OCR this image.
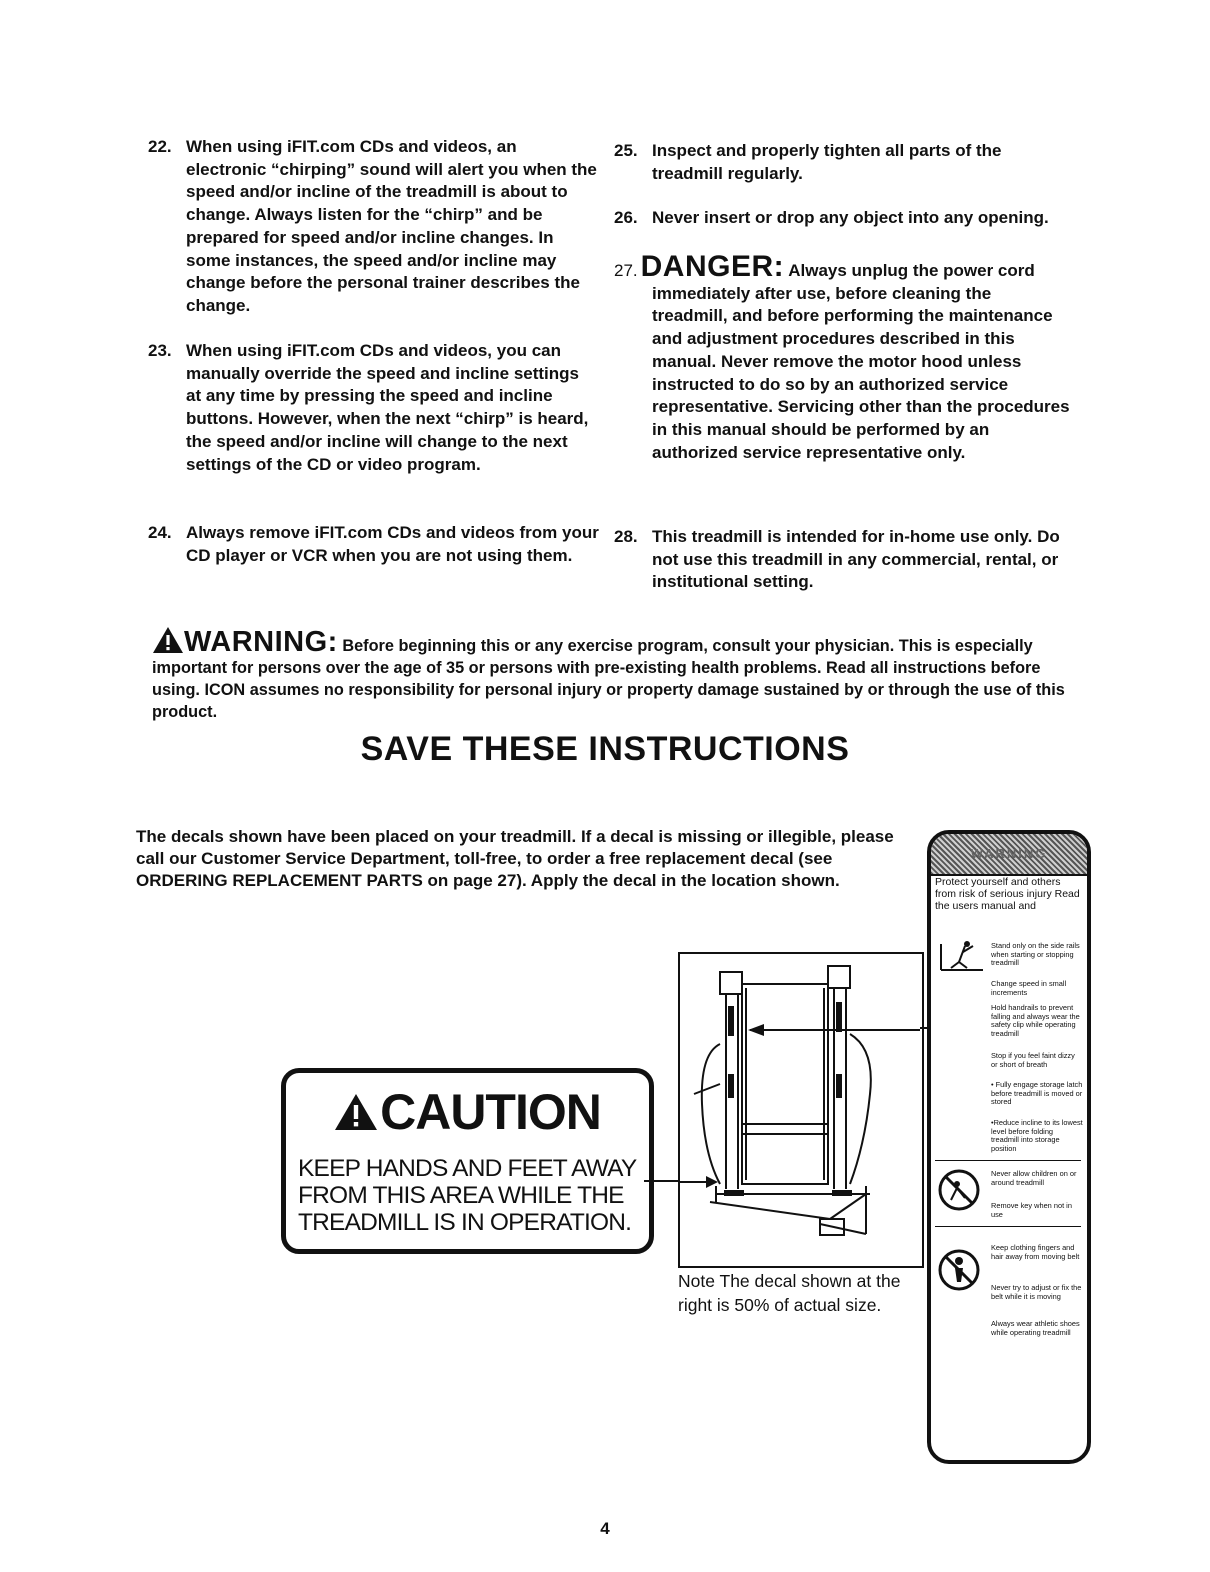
22. When using iFIT.com CDs and videos, an electronic “chirping” sound will alert you when the speed and/or incline of the treadmill is about to change. Always listen for the “chirp” and be prepared for speed and/or incline changes. In some instances, the speed and/or incline may change before the personal trainer describes the change.
23. When using iFIT.com CDs and videos, you can manually override the speed and incline settings at any time by pressing the speed and incline buttons. However, when the next “chirp” is heard, the speed and/or incline will change to the next settings of the CD or video program.
24. Always remove iFIT.com CDs and videos from your CD player or VCR when you are not using them.
25. Inspect and properly tighten all parts of the treadmill regularly.
26. Never insert or drop any object into any opening.
27. DANGER: Always unplug the power cord immediately after use, before cleaning the treadmill, and before performing the maintenance and adjustment procedures described in this manual. Never remove the motor hood unless instructed to do so by an authorized service representative. Servicing other than the procedures in this manual should be performed by an authorized service representative only.
28. This treadmill is intended for in-home use only. Do not use this treadmill in any commercial, rental, or institutional setting.
WARNING: Before beginning this or any exercise program, consult your physician. This is especially important for persons over the age of 35 or persons with pre-existing health problems. Read all instructions before using. ICON assumes no responsibility for personal injury or property damage sustained by or through the use of this product.
SAVE THESE INSTRUCTIONS
The decals shown have been placed on your treadmill. If a decal is missing or illegible, please call our Customer Service Department, toll-free, to order a free replacement decal (see ORDERING REPLACEMENT PARTS on page 27). Apply the decal in the location shown.
CAUTION
KEEP HANDS AND FEET AWAY
FROM THIS AREA WHILE THE
TREADMILL IS IN OPERATION.
Note The decal shown at the right is 50% of actual size.
WARNING
Protect yourself and others from risk of serious injury Read the users manual and
Stand only on the side rails when starting or stopping treadmill
Change speed in small increments
Hold handrails to prevent falling and always wear the safety clip while operating treadmill
Stop if you feel faint dizzy or short of breath
• Fully engage storage latch before treadmill is moved or stored
•Reduce incline to its lowest level before folding treadmill into storage position
Never allow children on or around treadmill
Remove key when not in use
Keep clothing fingers and hair away from moving belt
Never try to adjust or fix the belt while it is moving
Always wear athletic shoes while operating treadmill
4
